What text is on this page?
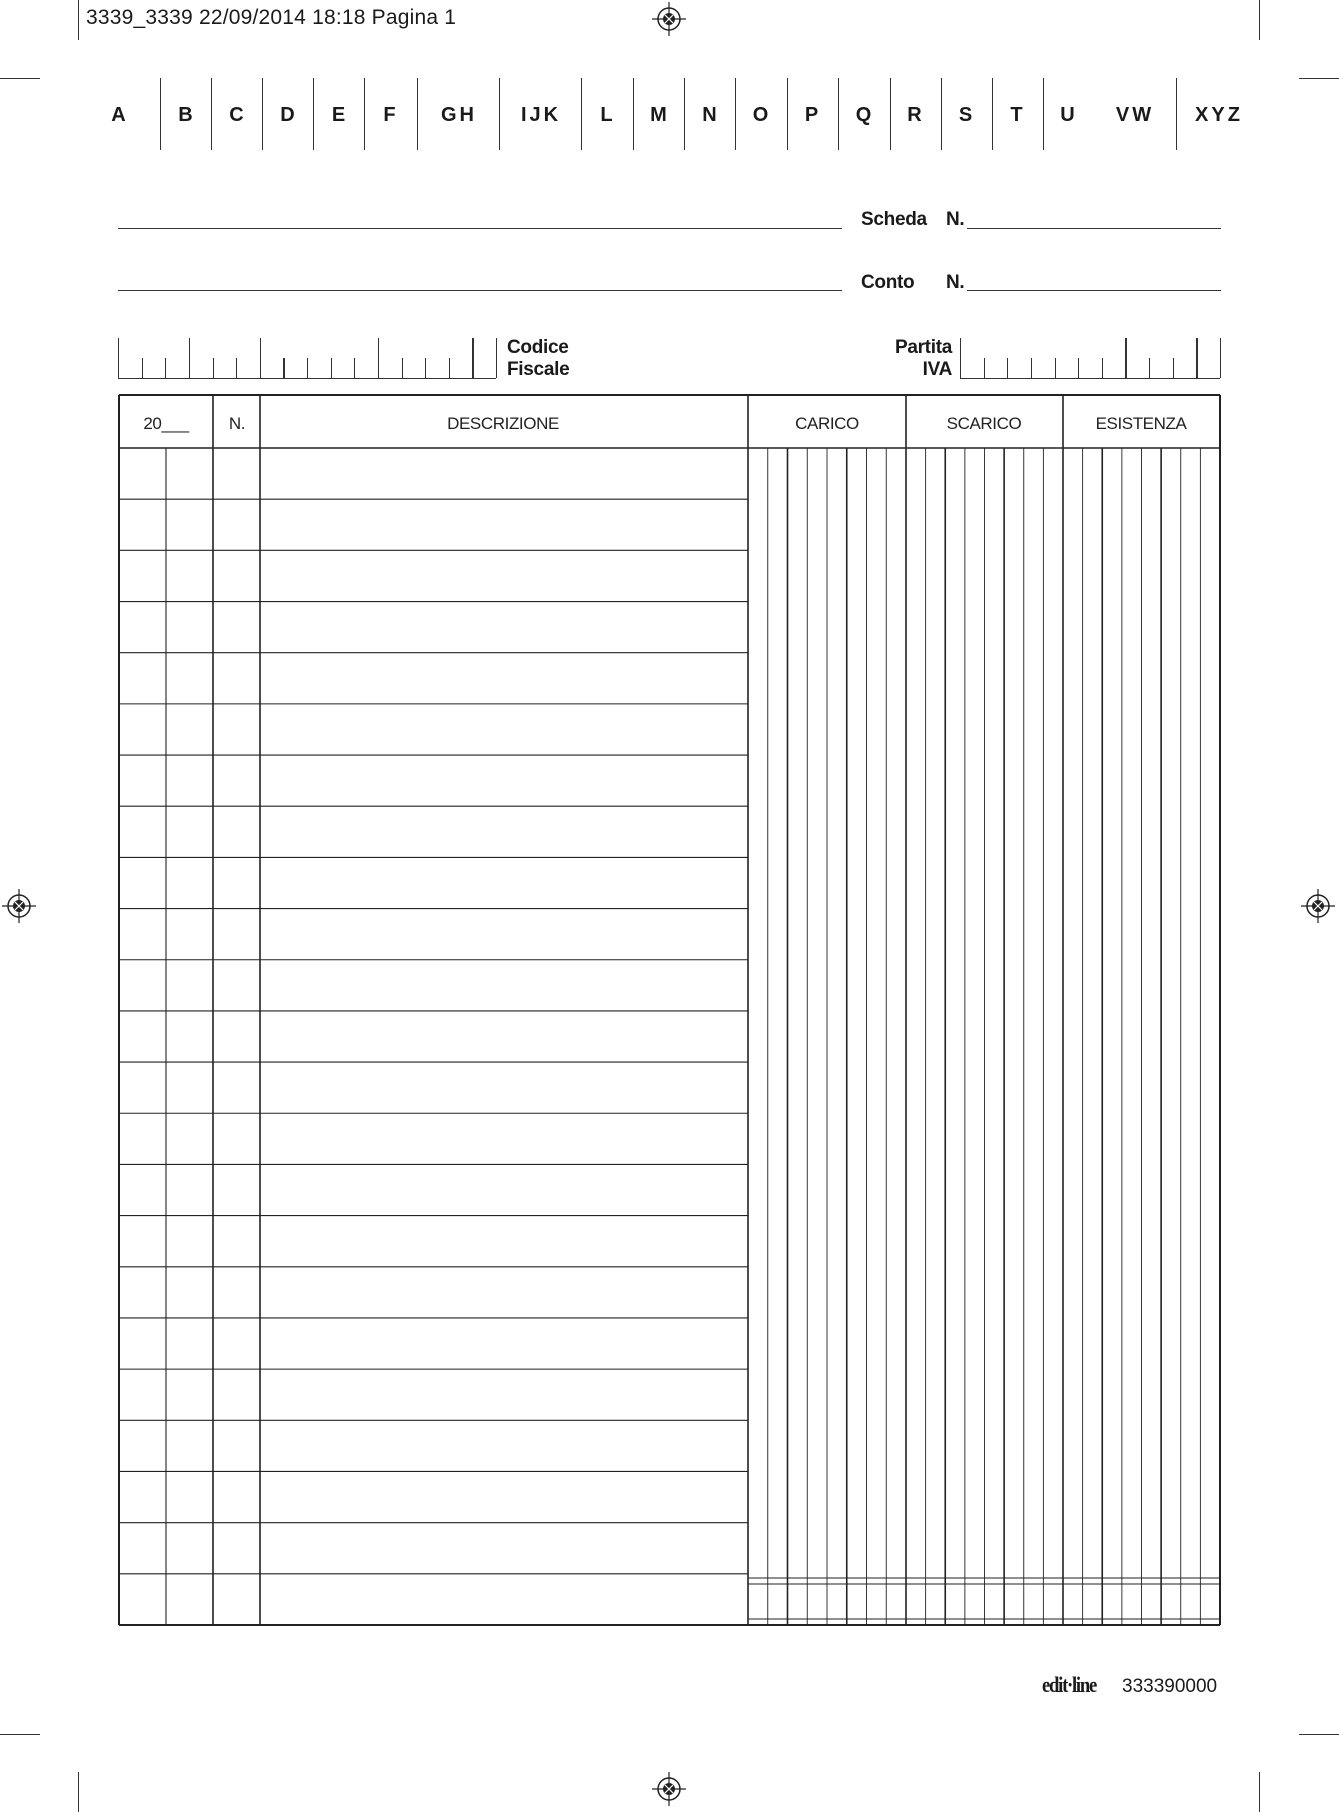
3339_3339 22/09/2014 18:18 Pagina 1
A B C D E F GH IJK L M N O P Q R S T U VW XYZ
Scheda N.
Conto N.
Codice
Fiscale
Partita
IVA
20___ N.	DESCRIZIONE	CARICO	SCARICO	ESISTENZA
edit·line 333390000
